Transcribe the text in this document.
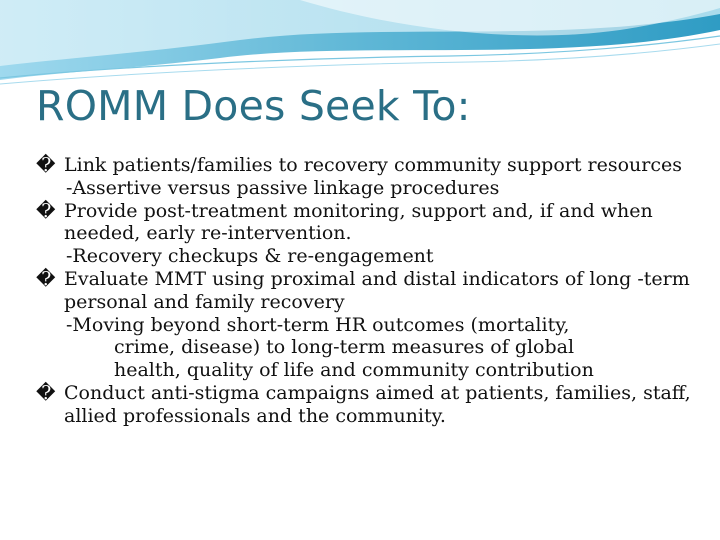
ROMM Does Seek To:

� Link patients/families to recovery community support resources

-Assertive versus passive linkage procedures

� Provide post-treatment monitoring, support and, if and when needed, early re-intervention.

-Recovery checkups & re-engagement

� Evaluate MMT using proximal and distal indicators of long -term personal and family recovery

-Moving beyond short-term HR outcomes (mortality,
crime, disease) to long-term measures of global
health, quality of life and community contribution

� Conduct anti-stigma campaigns aimed at patients, families, staff, allied professionals and the community.
